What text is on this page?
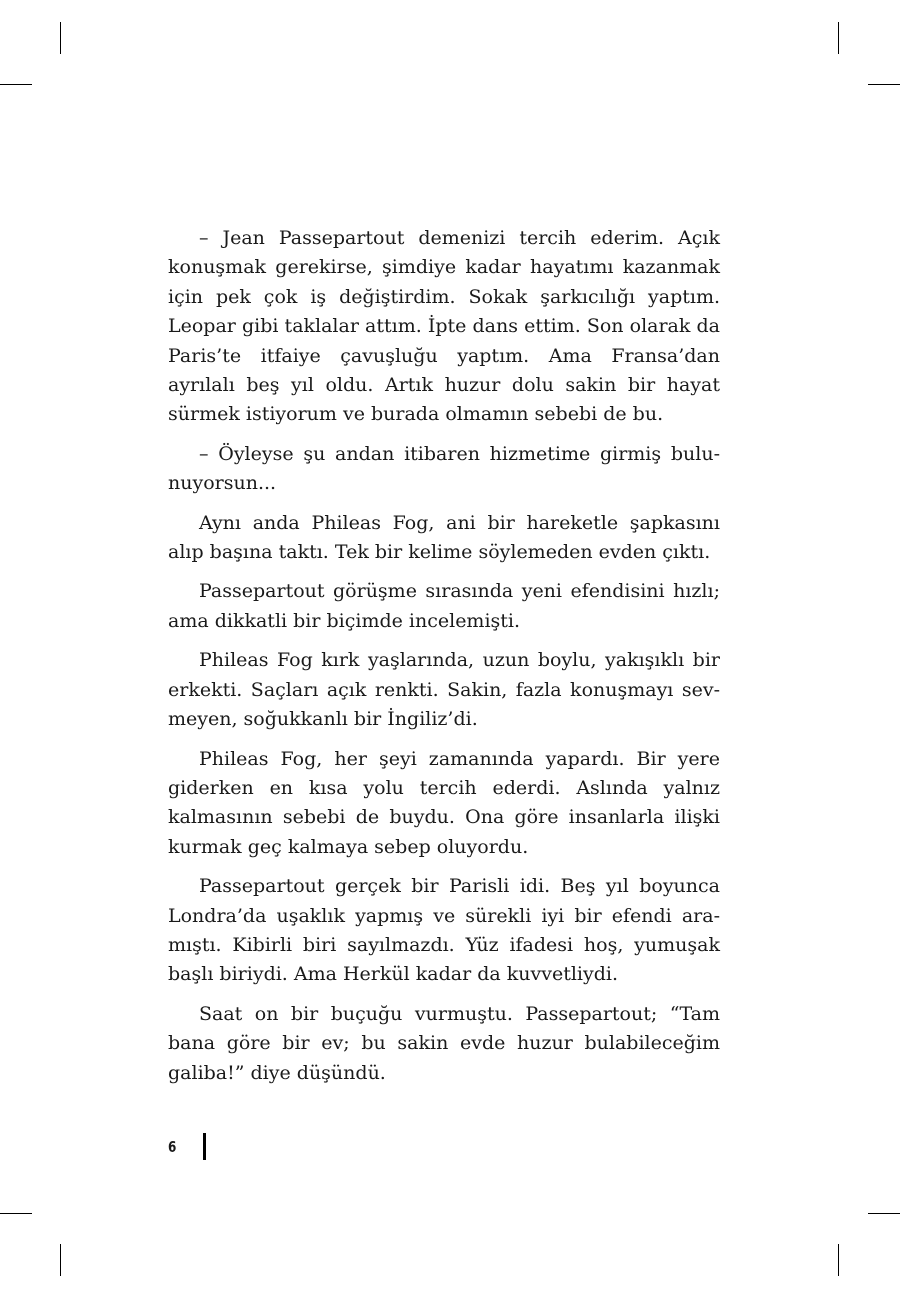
– Jean Passepartout demenizi tercih ederim. Açık konuşmak gerekirse, şimdiye kadar hayatımı kazanmak için pek çok iş değiştirdim. Sokak şarkıcılığı yaptım. Leopar gibi taklalar attım. İpte dans ettim. Son olarak da Paris’te itfaiye çavuşluğu yaptım. Ama Fransa’dan ayrılalı beş yıl oldu. Artık huzur dolu sakin bir hayat sürmek istiyorum ve burada olmamın sebebi de bu.

– Öyleyse şu andan itibaren hizmetime girmiş bulunuyorsun...

Aynı anda Phileas Fog, ani bir hareketle şapkasını alıp başına taktı. Tek bir kelime söylemeden evden çıktı.

Passepartout görüşme sırasında yeni efendisini hızlı; ama dikkatli bir biçimde incelemişti.

Phileas Fog kırk yaşlarında, uzun boylu, yakışıklı bir erkekti. Saçları açık renkti. Sakin, fazla konuşmayı sevmeyen, soğukkanlı bir İngiliz’di.

Phileas Fog, her şeyi zamanında yapardı. Bir yere giderken en kısa yolu tercih ederdi. Aslında yalnız kalmasının sebebi de buydu. Ona göre insanlarla ilişki kurmak geç kalmaya sebep oluyordu.

Passepartout gerçek bir Parisli idi. Beş yıl boyunca Londra’da uşaklık yapmış ve sürekli iyi bir efendi aramıştı. Kibirli biri sayılmazdı. Yüz ifadesi hoş, yumuşak başlı biriydi. Ama Herkül kadar da kuvvetliydi.

Saat on bir buçuğu vurmuştu. Passepartout; “Tam bana göre bir ev; bu sakin evde huzur bulabileceğim galiba!” diye düşündü.

6
